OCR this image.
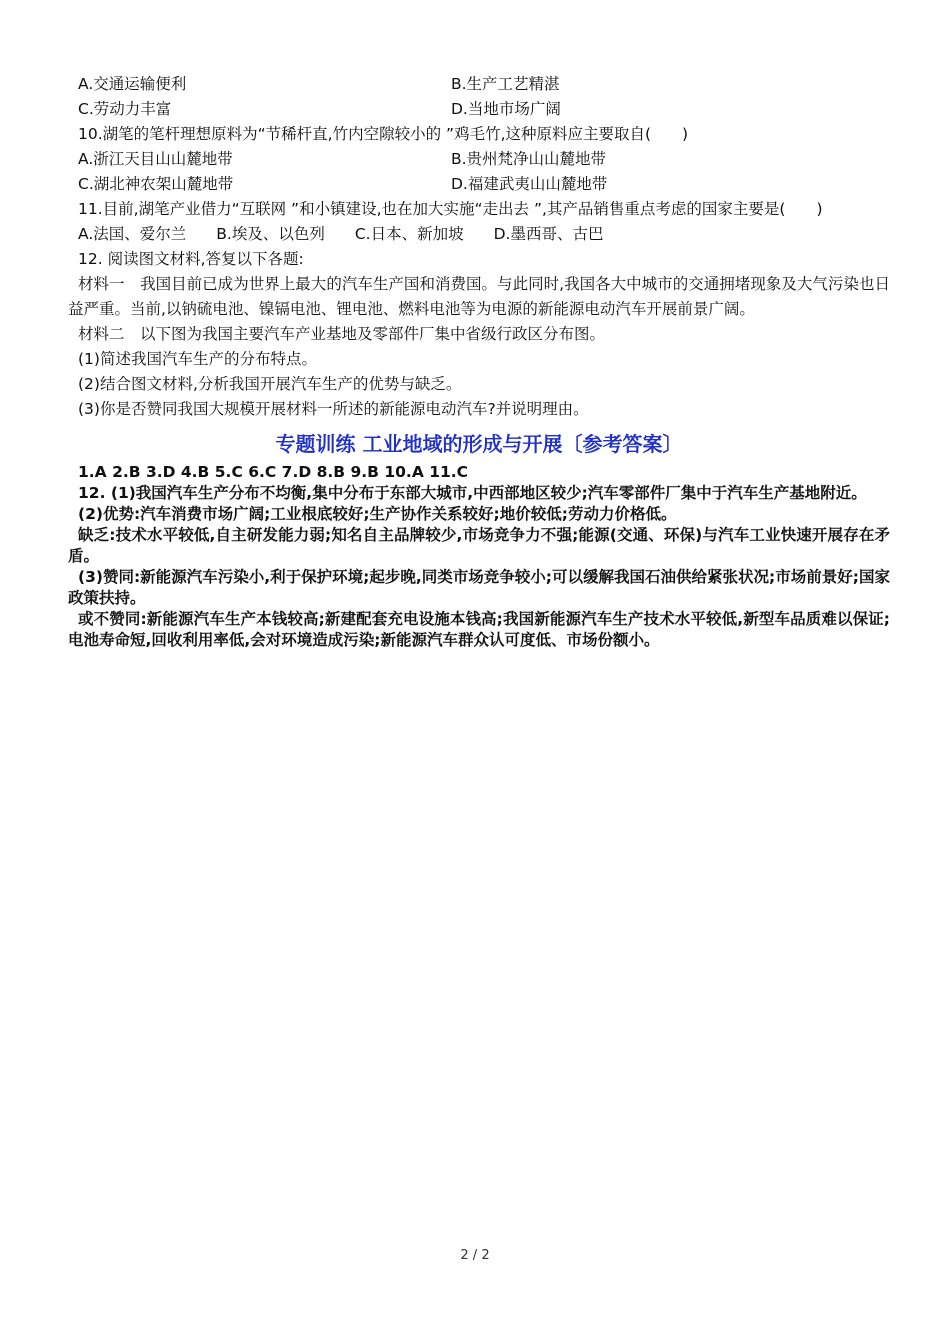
A.交通运输便利	B.生产工艺精湛
C.劳动力丰富	D.当地市场广阔
10.湖笔的笔杆理想原料为“节稀杆直,竹内空隙较小的 ”鸡毛竹,这种原料应主要取自(　　)
A.浙江天目山山麓地带	B.贵州梵净山山麓地带
C.湖北神农架山麓地带	D.福建武夷山山麓地带
11.目前,湖笔产业借力“互联网 ”和小镇建设,也在加大实施“走出去 ”,其产品销售重点考虑的国家主要是(　　)
A.法国、爱尔兰 B.埃及、以色列 C.日本、新加坡 D.墨西哥、古巴
12. 阅读图文材料,答复以下各题:
材料一　我国目前已成为世界上最大的汽车生产国和消费国。与此同时,我国各大中城市的交通拥堵现象及大气污染也日益严重。当前,以钠硫电池、镍镉电池、锂电池、燃料电池等为电源的新能源电动汽车开展前景广阔。
材料二　以下图为我国主要汽车产业基地及零部件厂集中省级行政区分布图。
(1)简述我国汽车生产的分布特点。
(2)结合图文材料,分析我国开展汽车生产的优势与缺乏。
(3)你是否赞同我国大规模开展材料一所述的新能源电动汽车?并说明理由。
专题训练 工业地域的形成与开展〔参考答案〕
1.A 2.B 3.D 4.B 5.C 6.C 7.D 8.B 9.B 10.A 11.C
12. (1)我国汽车生产分布不均衡,集中分布于东部大城市,中西部地区较少;汽车零部件厂集中于汽车生产基地附近。
(2)优势:汽车消费市场广阔;工业根底较好;生产协作关系较好;地价较低;劳动力价格低。
缺乏:技术水平较低,自主研发能力弱;知名自主品牌较少,市场竞争力不强;能源(交通、环保)与汽车工业快速开展存在矛盾。
(3)赞同:新能源汽车污染小,利于保护环境;起步晚,同类市场竞争较小;可以缓解我国石油供给紧张状况;市场前景好;国家政策扶持。
或不赞同:新能源汽车生产本钱较高;新建配套充电设施本钱高;我国新能源汽车生产技术水平较低,新型车品质难以保证;电池寿命短,回收利用率低,会对环境造成污染;新能源汽车群众认可度低、市场份额小。
2 / 2
